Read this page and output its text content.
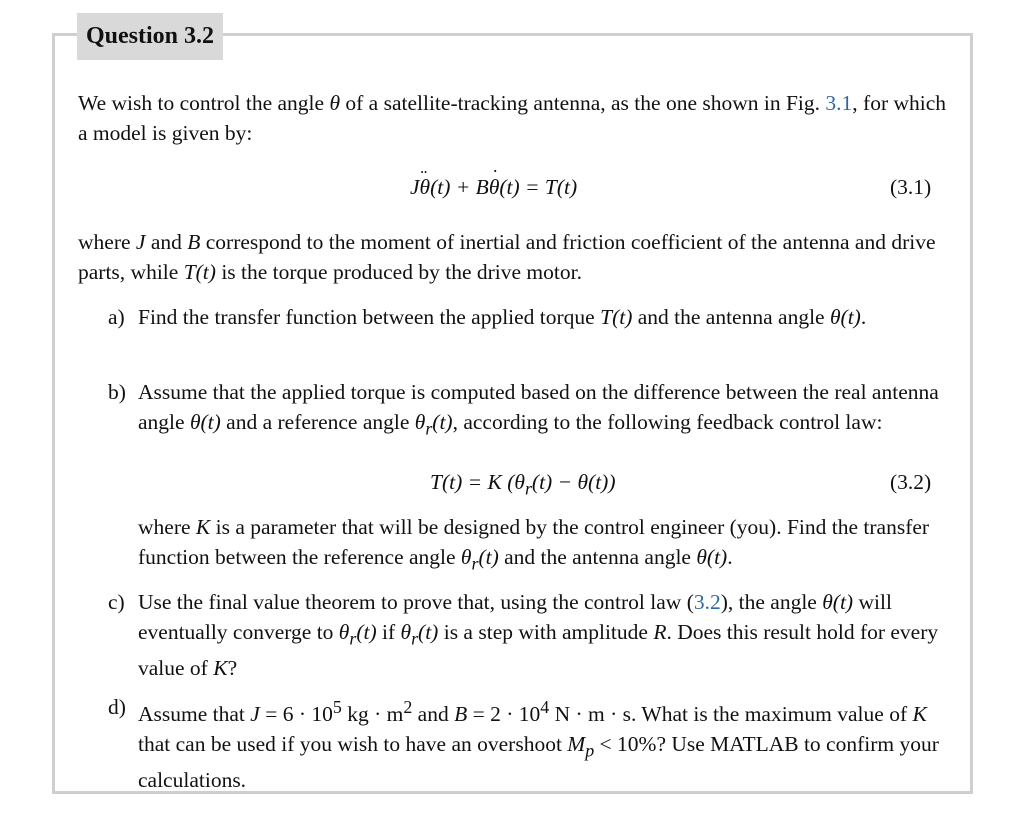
Question 3.2
We wish to control the angle θ of a satellite-tracking antenna, as the one shown in Fig. 3.1, for which a model is given by:
J¨ θ(t) + B˙ θ(t) = T(t)	(3.1)
where J and B correspond to the moment of inertial and friction coefficient of the antenna and drive parts, while T(t) is the torque produced by the drive motor.
a) Find the transfer function between the applied torque T(t) and the antenna angle θ(t).
b) Assume that the applied torque is computed based on the difference between the real antenna angle θ(t) and a reference angle $\theta_r(t)$, according to the following feedback control law:
T(t) = K $(\theta_r(t) - \theta(t))$	(3.2)
where K is a parameter that will be designed by the control engineer (you). Find the transfer function between the reference angle $\theta_r(t)$ and the antenna angle θ(t).
c) Use the final value theorem to prove that, using the control law (3.2), the angle θ(t) will eventually converge to $\theta_r(t)$ if $\theta_r(t)$ is a step with amplitude R. Does this result hold for every value of K?
d) Assume that $J = 6 \cdot 10^5$ kg · $m^2$ and $B = 2 \cdot 10^4$ N · m · s. What is the maximum value of K that can be used if you wish to have an overshoot $M_p < 10\%$? Use MATLAB to confirm your calculations.
